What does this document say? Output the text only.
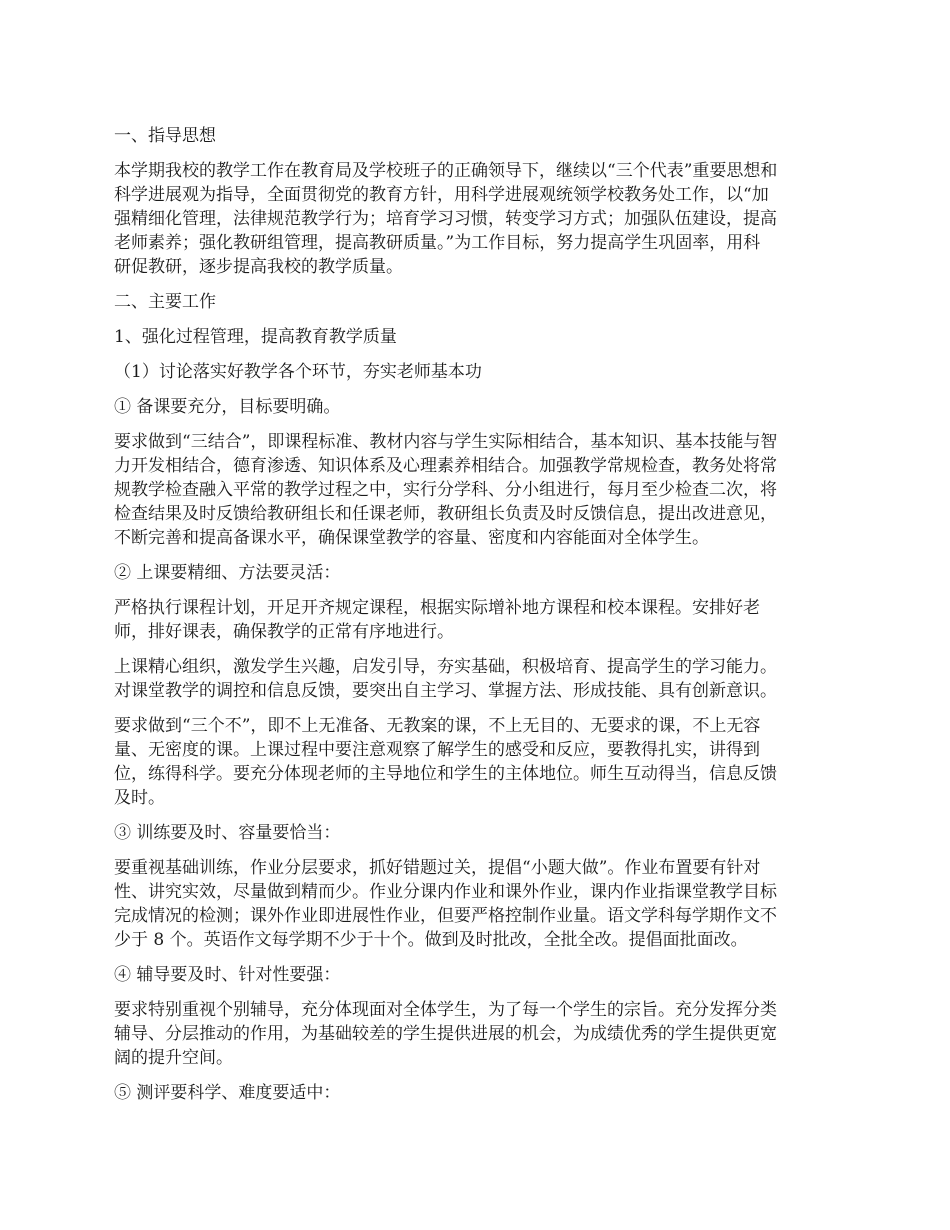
一、指导思想

本学期我校的教学工作在教育局及学校班子的正确领导下，继续以“三个代表”重要思想和
科学进展观为指导，全面贯彻党的教育方针，用科学进展观统领学校教务处工作，以“加
强精细化管理，法律规范教学行为；培育学习习惯，转变学习方式；加强队伍建设，提高
老师素养；强化教研组管理，提高教研质量。”为工作目标，努力提高学生巩固率，用科
研促教研，逐步提高我校的教学质量。

二、主要工作

1、强化过程管理，提高教育教学质量

（1）讨论落实好教学各个环节，夯实老师基本功

① 备课要充分，目标要明确。

要求做到“三结合”，即课程标准、教材内容与学生实际相结合，基本知识、基本技能与智
力开发相结合，德育渗透、知识体系及心理素养相结合。加强教学常规检查，教务处将常
规教学检查融入平常的教学过程之中，实行分学科、分小组进行，每月至少检查二次，将
检查结果及时反馈给教研组长和任课老师，教研组长负责及时反馈信息，提出改进意见，
不断完善和提高备课水平，确保课堂教学的容量、密度和内容能面对全体学生。

② 上课要精细、方法要灵活：

严格执行课程计划，开足开齐规定课程，根据实际增补地方课程和校本课程。安排好老
师，排好课表，确保教学的正常有序地进行。

上课精心组织，激发学生兴趣，启发引导，夯实基础，积极培育、提高学生的学习能力。
对课堂教学的调控和信息反馈，要突出自主学习、掌握方法、形成技能、具有创新意识。

要求做到“三个不”，即不上无准备、无教案的课，不上无目的、无要求的课，不上无容
量、无密度的课。上课过程中要注意观察了解学生的感受和反应，要教得扎实，讲得到
位，练得科学。要充分体现老师的主导地位和学生的主体地位。师生互动得当，信息反馈
及时。

③ 训练要及时、容量要恰当：

要重视基础训练，作业分层要求，抓好错题过关，提倡“小题大做”。作业布置要有针对
性、讲究实效，尽量做到精而少。作业分课内作业和课外作业，课内作业指课堂教学目标
完成情况的检测；课外作业即进展性作业，但要严格控制作业量。语文学科每学期作文不
少于 8 个。英语作文每学期不少于十个。做到及时批改，全批全改。提倡面批面改。

④ 辅导要及时、针对性要强：

要求特别重视个别辅导，充分体现面对全体学生，为了每一个学生的宗旨。充分发挥分类
辅导、分层推动的作用，为基础较差的学生提供进展的机会，为成绩优秀的学生提供更宽
阔的提升空间。

⑤ 测评要科学、难度要适中：
